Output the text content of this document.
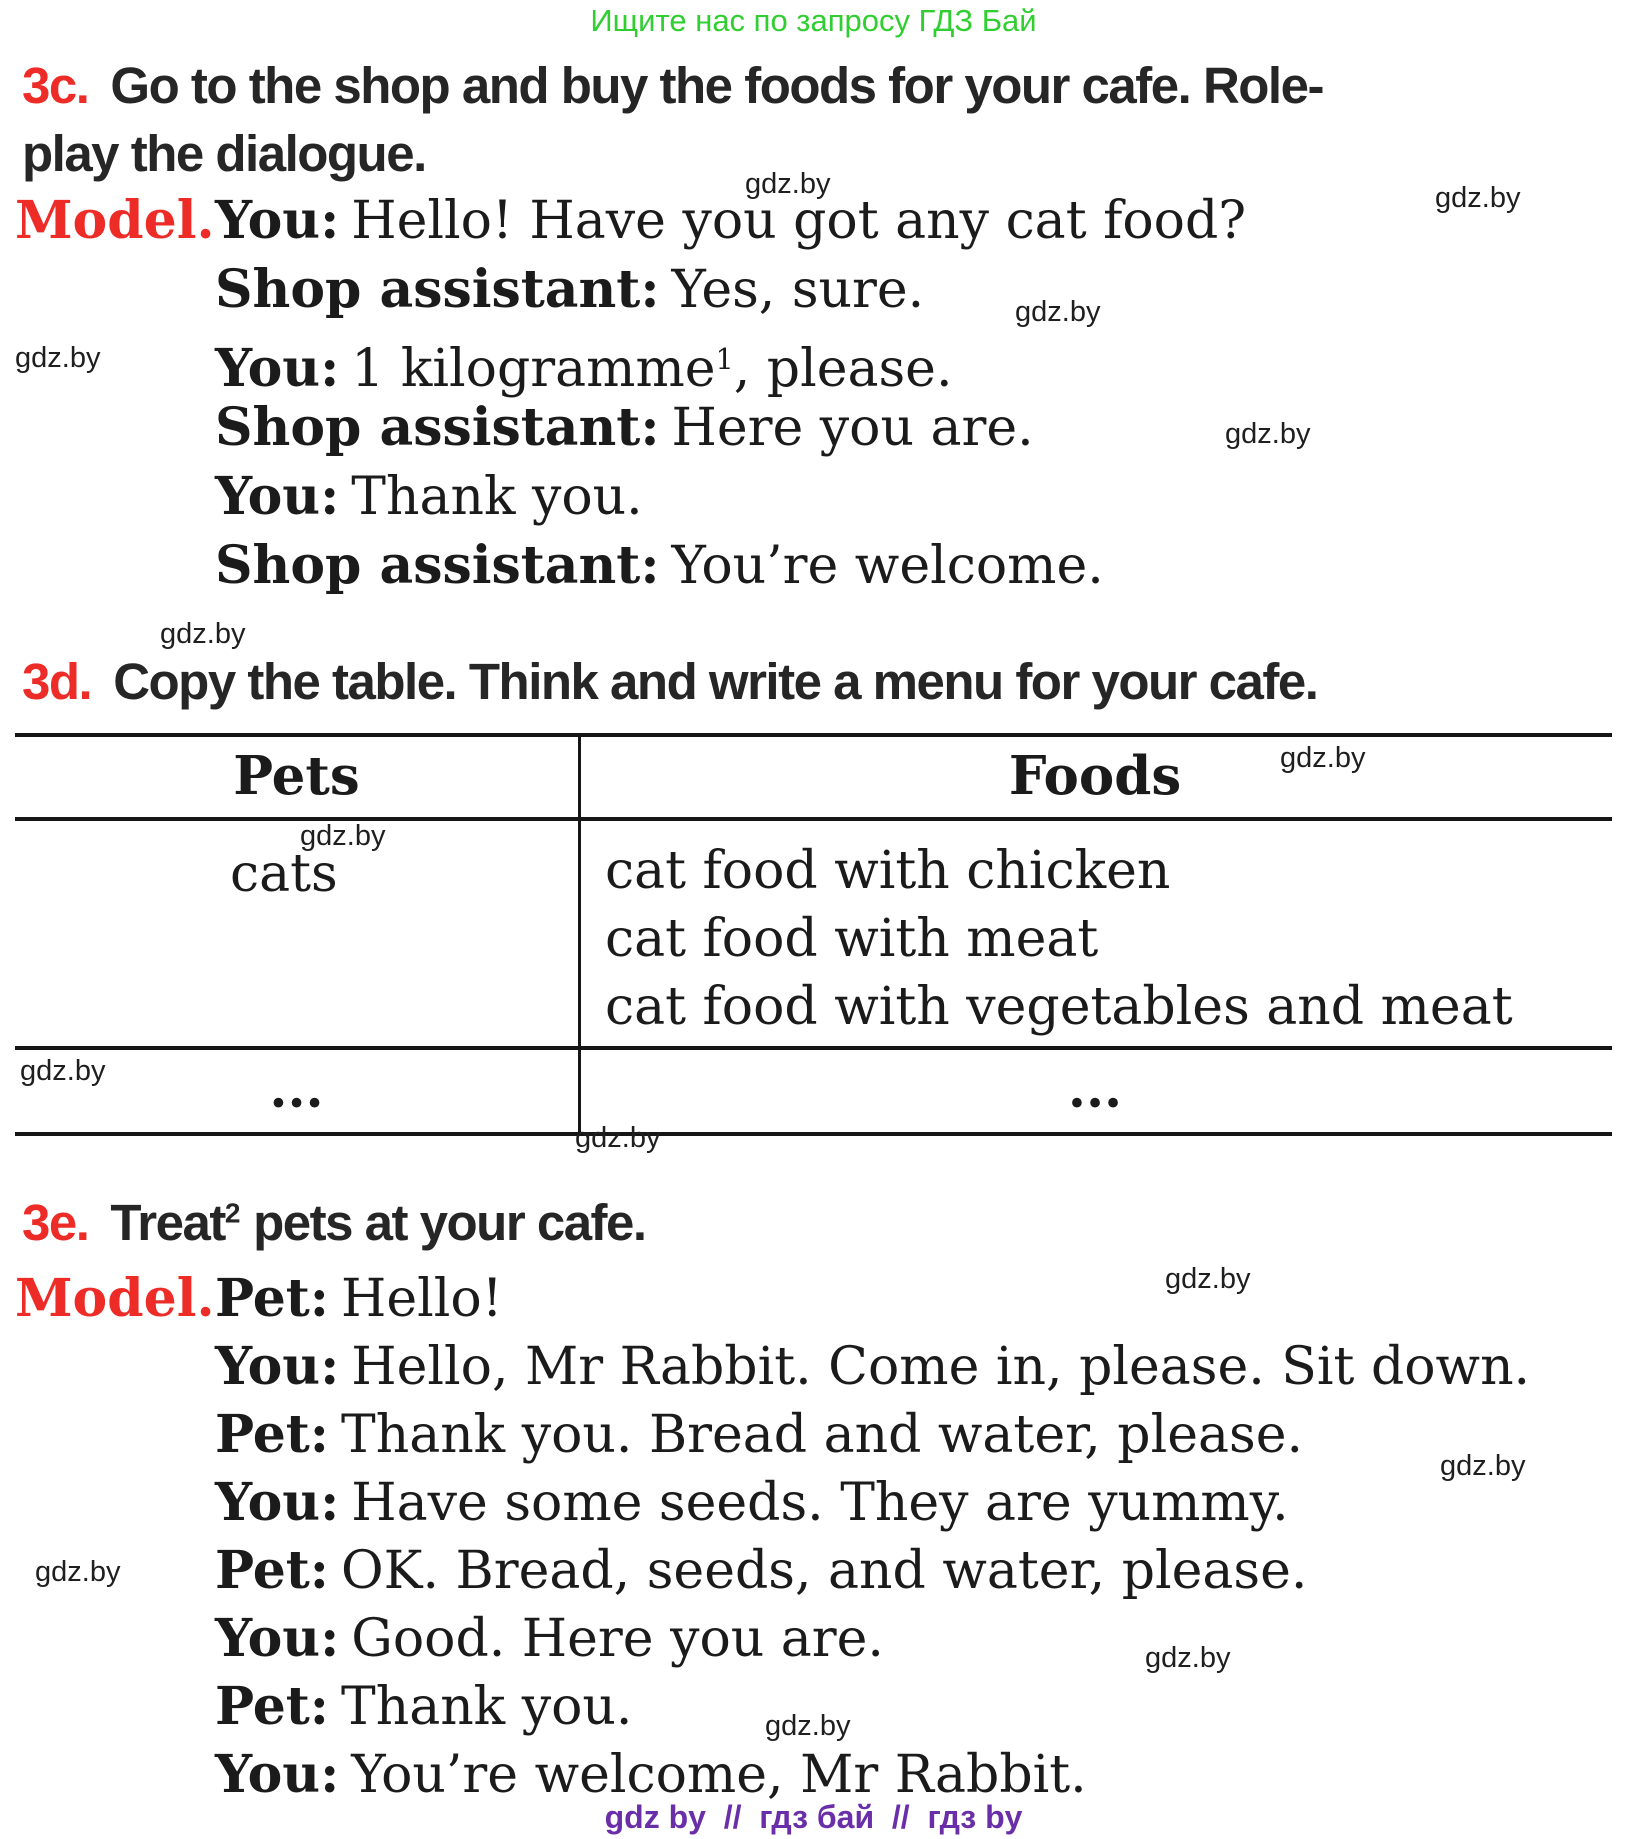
Ищите нас по запросу ГДЗ Бай
3c. Go to the shop and buy the foods for your cafe. Role-
play the dialogue.
Model. You: Hello! Have you got any cat food?
Shop assistant: Yes, sure.
You: 1 kilogramme$^1$, please.
Shop assistant: Here you are.
You: Thank you.
Shop assistant: You’re welcome.
3d. Copy the table. Think and write a menu for your cafe.
Pets	Foods
cats	cat food with chicken
cat food with meat
cat food with vegetables and meat
...	...
3e. Treat$^2$ pets at your cafe.
Model. Pet: Hello!
You: Hello, Mr Rabbit. Come in, please. Sit down.
Pet: Thank you. Bread and water, please.
You: Have some seeds. They are yummy.
Pet: OK. Bread, seeds, and water, please.
You: Good. Here you are.
Pet: Thank you.
You: You’re welcome, Mr Rabbit.
gdz.by	gdz.by
gdz.by
gdz.by
gdz.by
gdz.by
gdz.by
gdz.by
gdz.by
gdz.by
gdz.by
gdz.by
gdz.by
gdz.by
gdz.by
gdz by  //  гдз бай  //  гдз by
